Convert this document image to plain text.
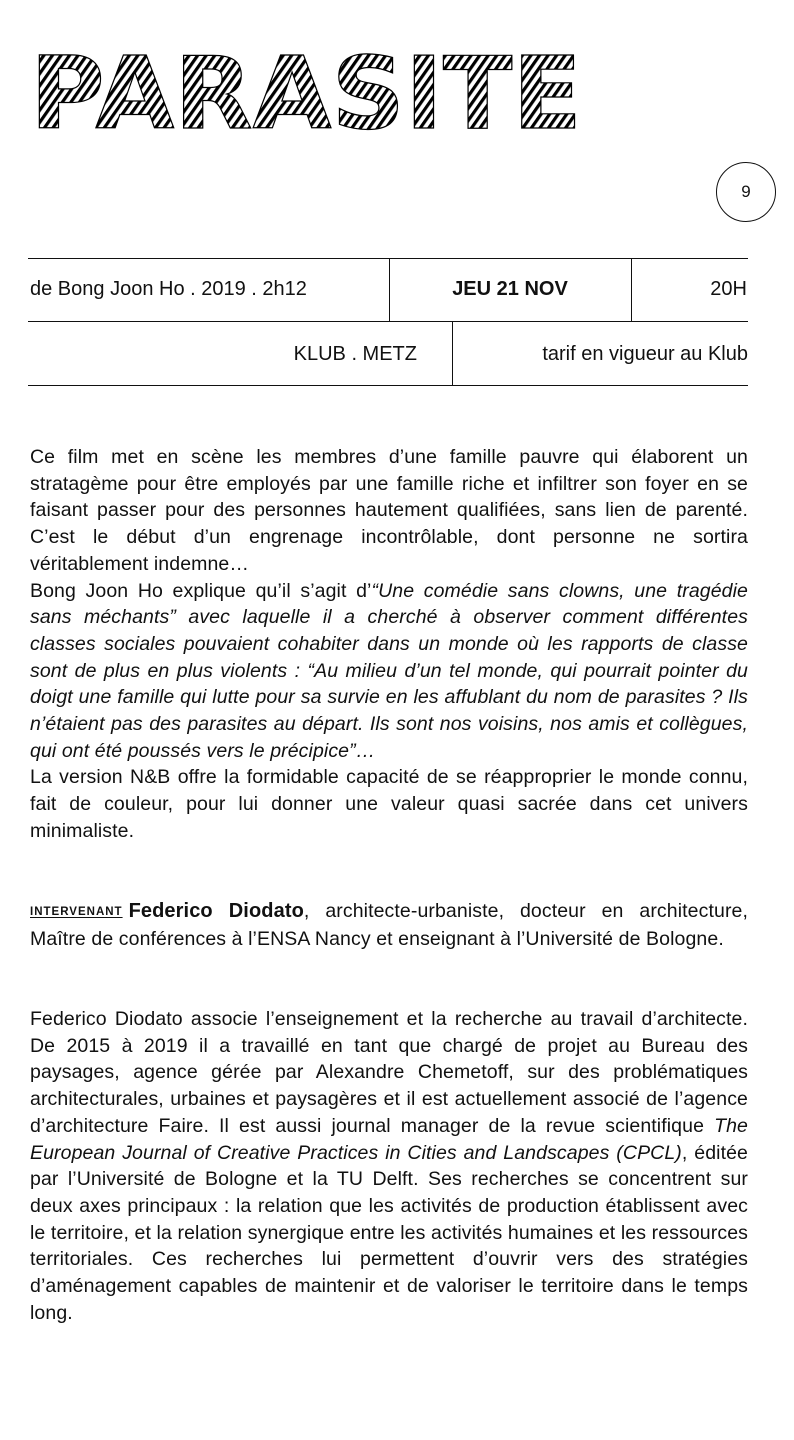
PARASITE
9
de Bong Joon Ho . 2019 . 2h12	JEU 21 NOV	20H
KLUB . METZ	tarif en vigueur au Klub

Ce film met en scène les membres d’une famille pauvre qui élaborent un stratagème pour être employés par une famille riche et infiltrer son foyer en se faisant passer pour des personnes hautement qualifiées, sans lien de parenté. C’est le début d’un engrenage incontrôlable, dont personne ne sortira véritablement indemne…

Bong Joon Ho explique qu’il s’agit d’“Une comédie sans clowns, une tragédie sans méchants” avec laquelle il a cherché à observer comment différentes classes sociales pouvaient cohabiter dans un monde où les rapports de classe sont de plus en plus violents : “Au milieu d’un tel monde, qui pourrait pointer du doigt une famille qui lutte pour sa survie en les affublant du nom de parasites ? Ils n’étaient pas des parasites au départ. Ils sont nos voisins, nos amis et collègues, qui ont été poussés vers le précipice”…

La version N&B offre la formidable capacité de se réapproprier le monde connu, fait de couleur, pour lui donner une valeur quasi sacrée dans cet univers minimaliste.

INTERVENANT Federico Diodato, architecte-urbaniste, docteur en architecture, Maître de conférences à l’ENSA Nancy et enseignant à l’Université de Bologne.

Federico Diodato associe l’enseignement et la recherche au travail d’architecte. De 2015 à 2019 il a travaillé en tant que chargé de projet au Bureau des paysages, agence gérée par Alexandre Chemetoff, sur des problématiques architecturales, urbaines et paysagères et il est actuellement associé de l’agence d’architecture Faire. Il est aussi journal manager de la revue scientifique The European Journal of Creative Practices in Cities and Landscapes (CPCL), éditée par l’Université de Bologne et la TU Delft. Ses recherches se concentrent sur deux axes principaux : la relation que les activités de production établissent avec le territoire, et la relation synergique entre les activités humaines et les ressources territoriales. Ces recherches lui permettent d’ouvrir vers des stratégies d’aménagement capables de maintenir et de valoriser le territoire dans le temps long.
